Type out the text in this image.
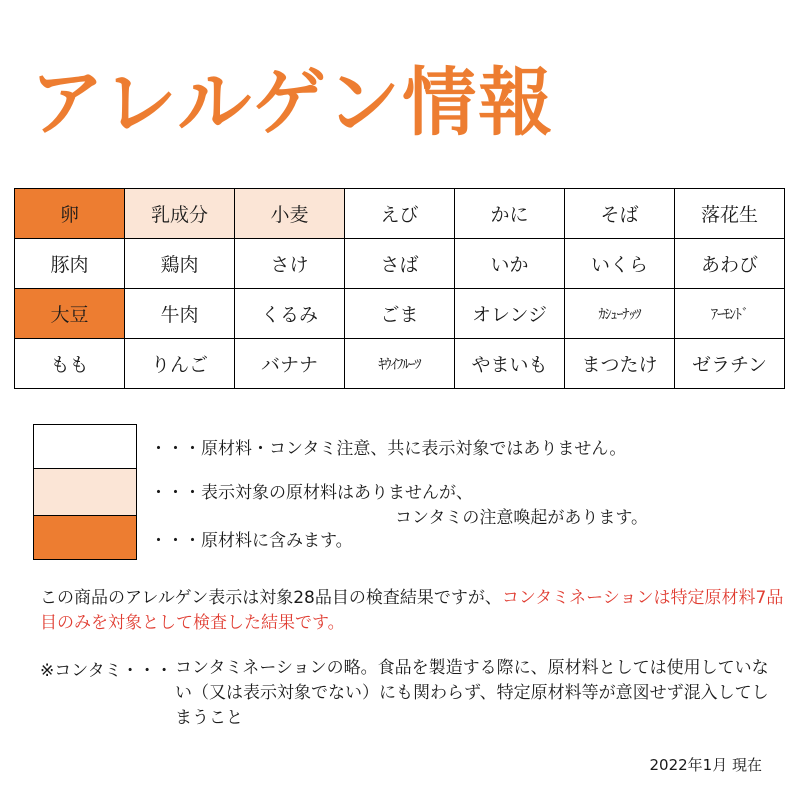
アレルゲン情報
卵	乳成分	小麦	えび	かに	そば	落花生
豚肉	鶏肉	さけ	さば	いか	いくら	あわび
大豆	牛肉	くるみ	ごま	オレンジ	ｶｼｭｰﾅｯﾂ	ｱｰﾓﾝﾄﾞ
もも	りんご	バナナ	ｷｳｲﾌﾙｰﾂ	やまいも	まつたけ	ゼラチン
・・・原材料・コンタミ注意、共に表示対象ではありません。
・・・表示対象の原材料はありませんが、
コンタミの注意喚起があります。
・・・原材料に含みます。
この商品のアレルゲン表示は対象28品目の検査結果ですが、コンタミネーションは特定原材料7品目のみを対象として検査した結果です。
※コンタミ・・・ コンタミネーションの略。食品を製造する際に、原材料としては使用していない（又は表示対象でない）にも関わらず、特定原材料等が意図せず混入してしまうこと
2022年1月 現在
